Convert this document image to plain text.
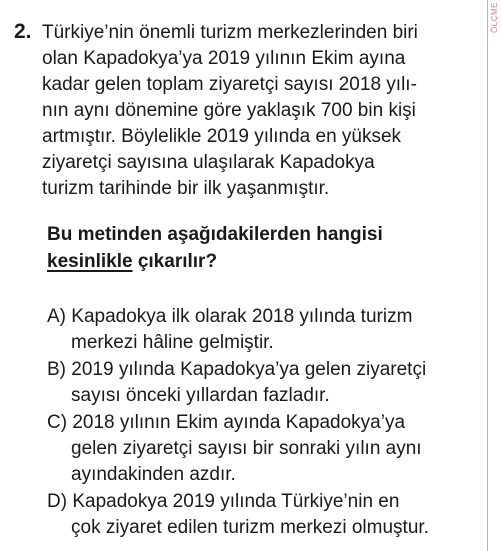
ÖLÇME
2. Türkiye’nin önemli turizm merkezlerinden biri
olan Kapadokya’ya 2019 yılının Ekim ayına
kadar gelen toplam ziyaretçi sayısı 2018 yılı-
nın aynı dönemine göre yaklaşık 700 bin kişi
artmıştır. Böylelikle 2019 yılında en yüksek
ziyaretçi sayısına ulaşılarak Kapadokya
turizm tarihinde bir ilk yaşanmıştır.
Bu metinden aşağıdakilerden hangisi
kesinlikle çıkarılır?
A) Kapadokya ilk olarak 2018 yılında turizm
merkezi hâline gelmiştir.
B) 2019 yılında Kapadokya’ya gelen ziyaretçi
sayısı önceki yıllardan fazladır.
C) 2018 yılının Ekim ayında Kapadokya’ya
gelen ziyaretçi sayısı bir sonraki yılın aynı
ayındakinden azdır.
D) Kapadokya 2019 yılında Türkiye’nin en
çok ziyaret edilen turizm merkezi olmuştur.
